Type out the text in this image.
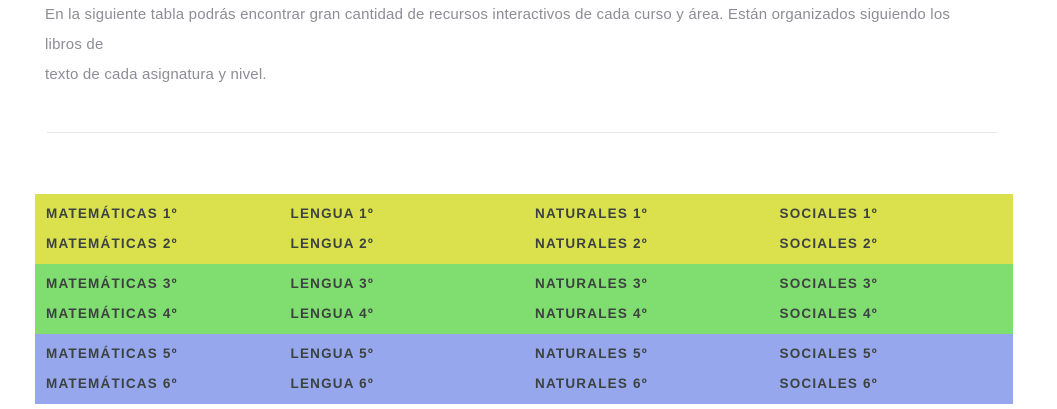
En la siguiente tabla podrás encontrar gran cantidad de recursos interactivos de cada curso y área. Están organizados siguiendo los libros de
texto de cada asignatura y nivel.

MATEMÁTICAS 1º	LENGUA 1º	NATURALES 1º	SOCIALES 1º
MATEMÁTICAS 2º	LENGUA 2º	NATURALES 2º	SOCIALES 2º
MATEMÁTICAS 3º	LENGUA 3º	NATURALES 3º	SOCIALES 3º
MATEMÁTICAS 4º	LENGUA 4º	NATURALES 4º	SOCIALES 4º
MATEMÁTICAS 5º	LENGUA 5º	NATURALES 5º	SOCIALES 5º
MATEMÁTICAS 6º	LENGUA 6º	NATURALES 6º	SOCIALES 6º
